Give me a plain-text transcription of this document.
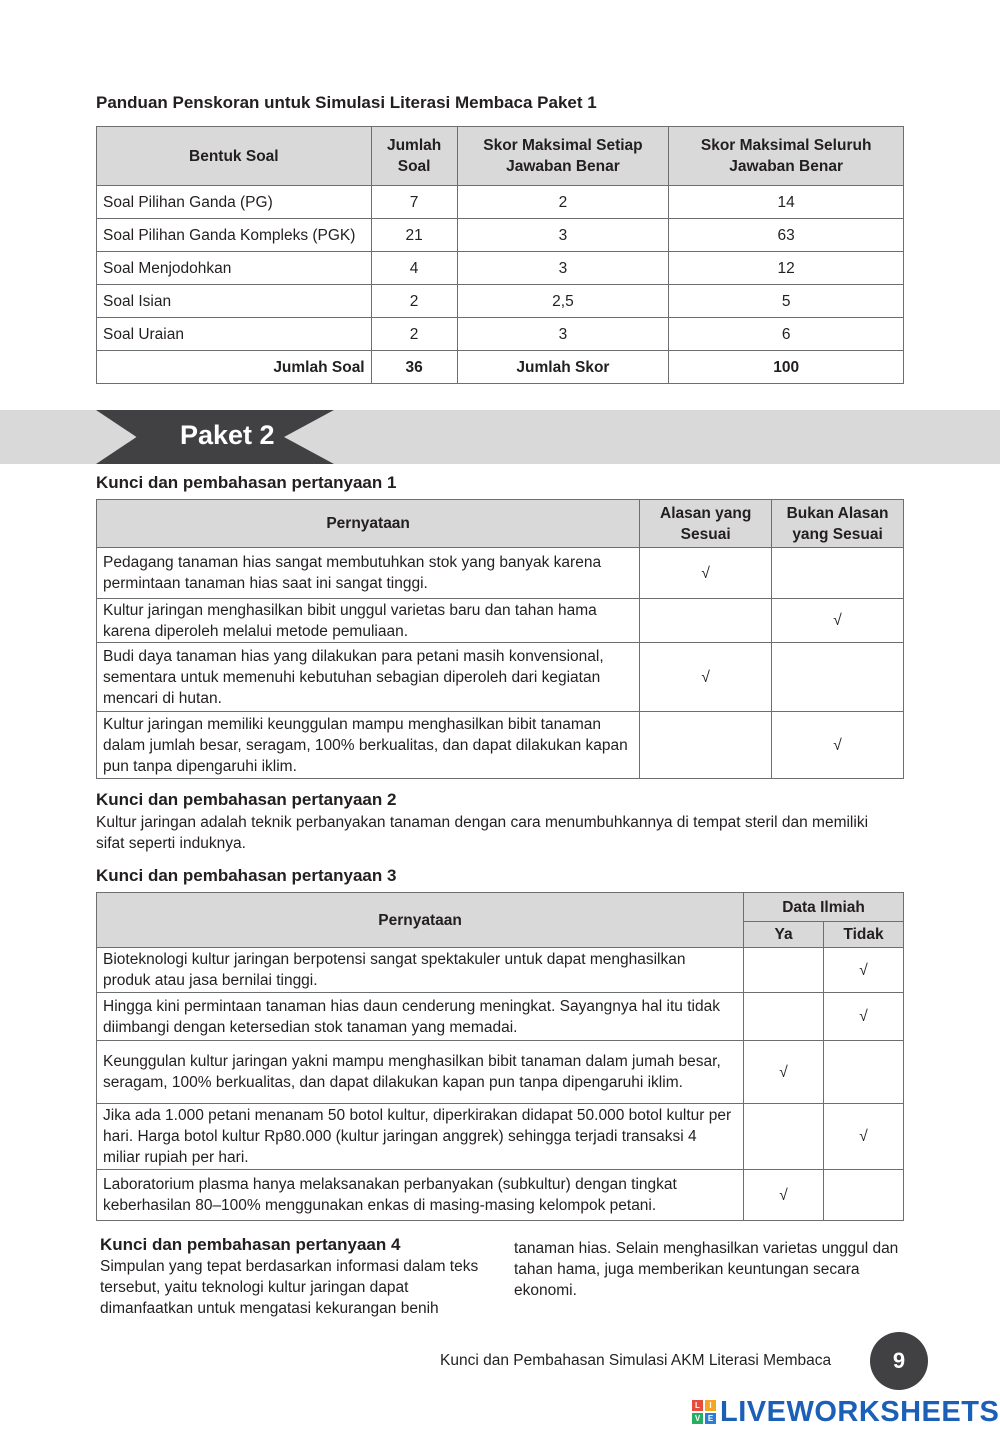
Panduan Penskoran untuk Simulasi Literasi Membaca Paket 1
Bentuk Soal	Jumlah Soal	Skor Maksimal Setiap Jawaban Benar	Skor Maksimal Seluruh Jawaban Benar
Soal Pilihan Ganda (PG)	7	2	14
Soal Pilihan Ganda Kompleks (PGK)	21	3	63
Soal Menjodohkan	4	3	12
Soal Isian	2	2,5	5
Soal Uraian	2	3	6
Jumlah Soal	36	Jumlah Skor	100
Paket 2
Kunci dan pembahasan pertanyaan 1
Pernyataan	Alasan yang Sesuai	Bukan Alasan yang Sesuai
Pedagang tanaman hias sangat membutuhkan stok yang banyak karena permintaan tanaman hias saat ini sangat tinggi.	√	
Kultur jaringan menghasilkan bibit unggul varietas baru dan tahan hama karena diperoleh melalui metode pemuliaan.		√
Budi daya tanaman hias yang dilakukan para petani masih konvensional, sementara untuk memenuhi kebutuhan sebagian diperoleh dari kegiatan mencari di hutan.	√	
Kultur jaringan memiliki keunggulan mampu menghasilkan bibit tanaman dalam jumlah besar, seragam, 100% berkualitas, dan dapat dilakukan kapan pun tanpa dipengaruhi iklim.		√
Kunci dan pembahasan pertanyaan 2
Kultur jaringan adalah teknik perbanyakan tanaman dengan cara menumbuhkannya di tempat steril dan memiliki sifat seperti induknya.
Kunci dan pembahasan pertanyaan 3
Pernyataan	Data Ilmiah	
	Ya	Tidak
Bioteknologi kultur jaringan berpotensi sangat spektakuler untuk dapat menghasilkan produk atau jasa bernilai tinggi.		√
Hingga kini permintaan tanaman hias daun cenderung meningkat. Sayangnya hal itu tidak diimbangi dengan ketersedian stok tanaman yang memadai.		√
Keunggulan kultur jaringan yakni mampu menghasilkan bibit tanaman dalam jumah besar, seragam, 100% berkualitas, dan dapat dilakukan kapan pun tanpa dipengaruhi iklim.	√	
Jika ada 1.000 petani menanam 50 botol kultur, diperkirakan didapat 50.000 botol kultur per hari. Harga botol kultur Rp80.000 (kultur jaringan anggrek) sehingga terjadi transaksi 4 miliar rupiah per hari.		√
Laboratorium plasma hanya melaksanakan perbanyakan (subkultur) dengan tingkat keberhasilan 80–100% menggunakan enkas di masing-masing kelompok petani.	√	
Kunci dan pembahasan pertanyaan 4
Simpulan yang tepat berdasarkan informasi dalam teks tersebut, yaitu teknologi kultur jaringan dapat dimanfaatkan untuk mengatasi kekurangan benih
tanaman hias. Selain menghasilkan varietas unggul dan tahan hama, juga memberikan keuntungan secara ekonomi.
Kunci dan Pembahasan Simulasi AKM Literasi Membaca	9
L	I
V E LIVEWORKSHEETS
